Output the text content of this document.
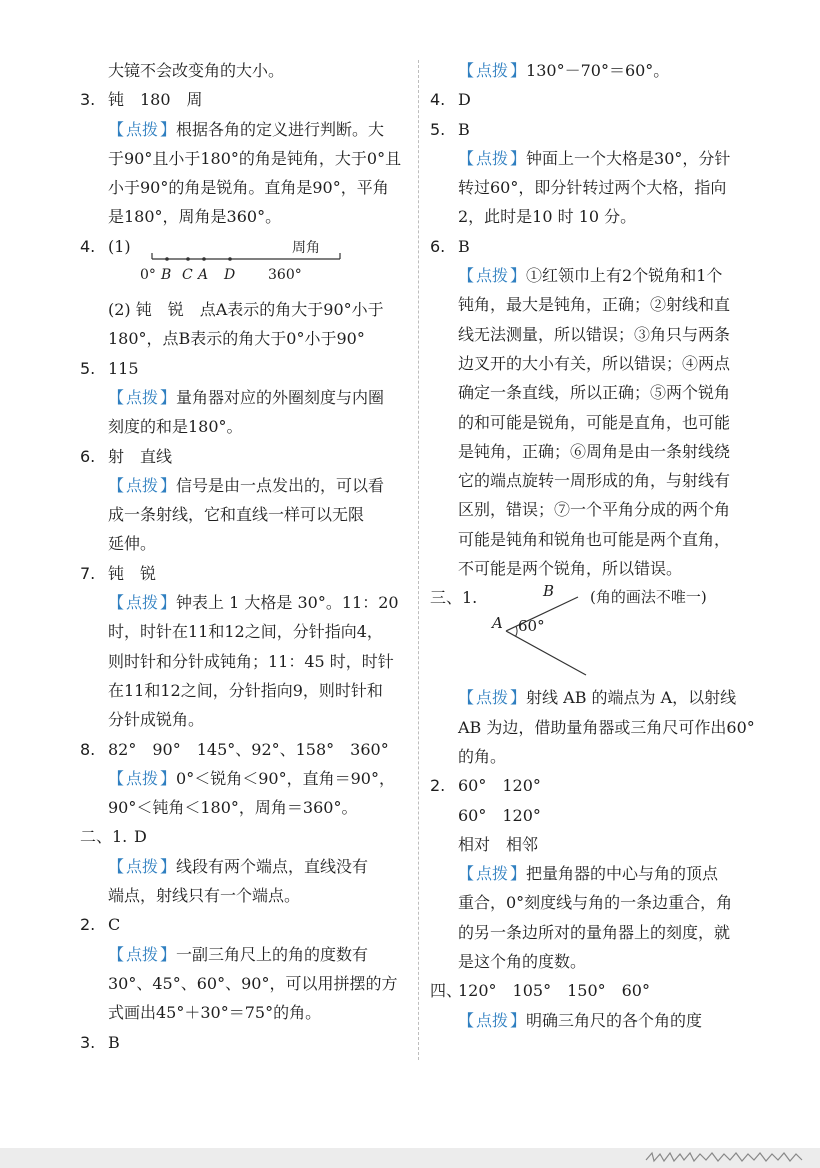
大镜不会改变角的大小。
3. 钝　180　周
【 点拨 】根据各角的定义进行判断。大
于90°且小于180°的角是钝角，大于0°且
小于90°的角是锐角。直角是90°，平角
是180°，周角是360°。
4. (1)
0° B C A D
周角
360°
(2) 钝　锐　点A表示的角大于90°小于
180°，点B表示的角大于0°小于90°
5. 115
【 点拨 】量角器对应的外圈刻度与内圈
刻度的和是180°。
6. 射　直线
【 点拨 】信号是由一点发出的，可以看
成一条射线，它和直线一样可以无限
延伸。
7. 钝　锐
【 点拨 】钟表上 1 大格是 30°。11：20
时，时针在11和12之间，分针指向4，
则时针和分针成钝角；11：45 时，时针
在11和12之间，分针指向9，则时针和
分针成锐角。
8. 82°　90°　145°、92°、158°　360°
【 点拨 】0°＜锐角＜90°，直角＝90°，
90°＜钝角＜180°，周角＝360°。
二、1. D
【 点拨 】线段有两个端点，直线没有
端点，射线只有一个端点。
2. C
【 点拨 】一副三角尺上的角的度数有
30°、45°、60°、90°，可以用拼摆的方
式画出45°＋30°＝75°的角。
3. B
【 点拨 】130°－70°＝60°。
4. D
5. B
【 点拨 】钟面上一个大格是30°，分针
转过60°，即分针转过两个大格，指向
2，此时是10 时 10 分。
6. B
【 点拨 】①红领巾上有2个锐角和1个
钝角，最大是钝角，正确；②射线和直
线无法测量，所以错误；③角只与两条
边叉开的大小有关，所以错误；④两点
确定一条直线，所以正确；⑤两个锐角
的和可能是锐角，可能是直角，也可能
是钝角，正确；⑥周角是由一条射线绕
它的端点旋转一周形成的角，与射线有
区别，错误；⑦一个平角分成的两个角
可能是钝角和锐角也可能是两个直角，
不可能是两个锐角，所以错误。
三、1.	B
A 60°
(角的画法不唯一)
【 点拨 】射线 AB 的端点为 A，以射线
AB 为边，借助量角器或三角尺可作出60°
的角。
2. 60°　120°
60°　120°
相对　相邻
【 点拨 】把量角器的中心与角的顶点
重合，0°刻度线与角的一条边重合，角
的另一条边所对的量角器上的刻度，就
是这个角的度数。
四、120°　105°　150°　60°
【 点拨 】明确三角尺的各个角的度
